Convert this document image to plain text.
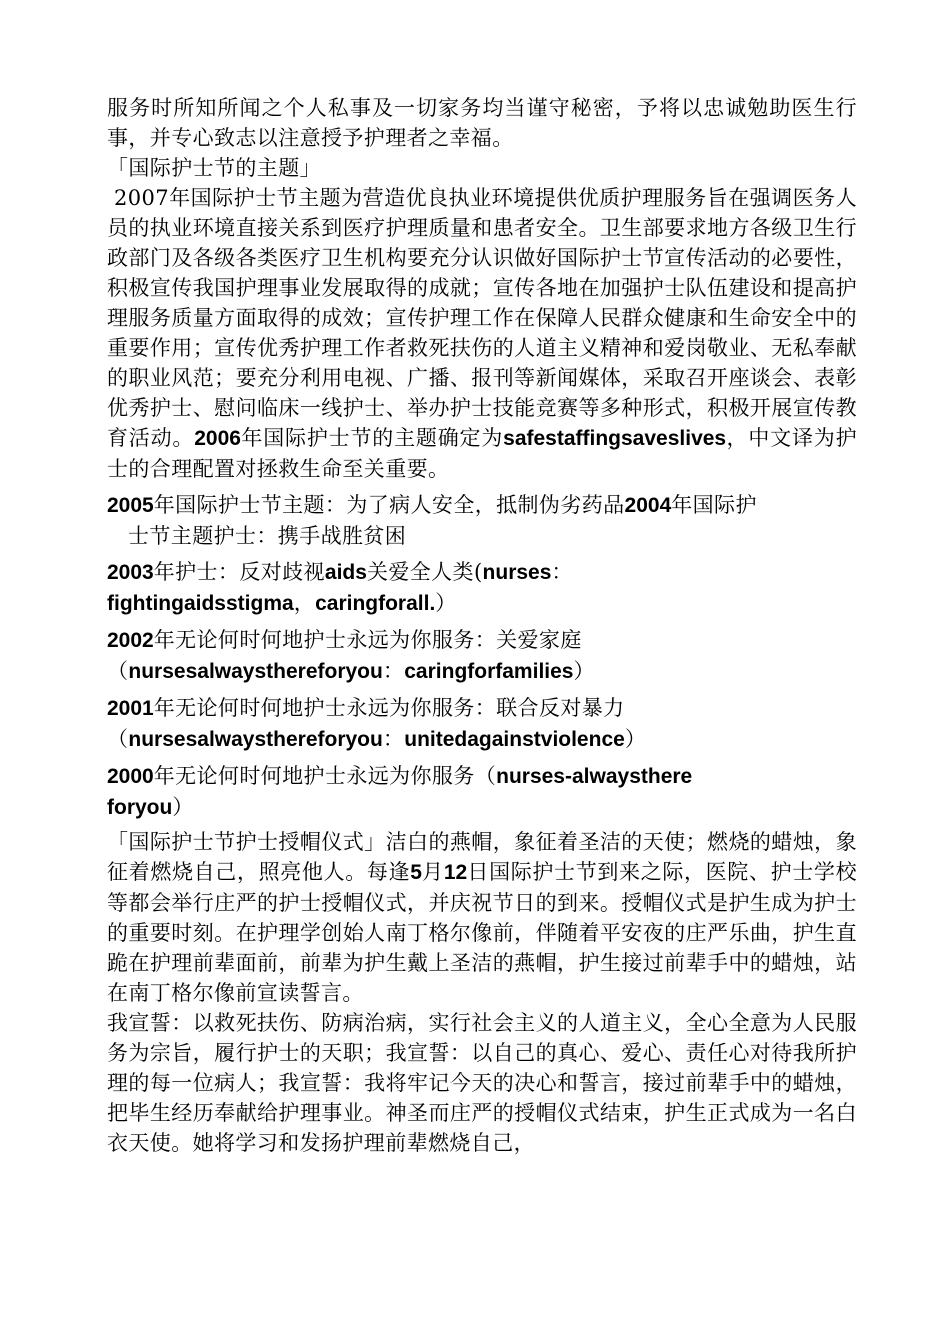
服务时所知所闻之个人私事及一切家务均当谨守秘密，予将以忠诚勉助医生行事，并专心致志以注意授予护理者之幸福。

「国际护士节的主题」

2007年国际护士节主题为营造优良执业环境提供优质护理服务旨在强调医务人员的执业环境直接关系到医疗护理质量和患者安全。卫生部要求地方各级卫生行政部门及各级各类医疗卫生机构要充分认识做好国际护士节宣传活动的必要性，积极宣传我国护理事业发展取得的成就；宣传各地在加强护士队伍建设和提高护理服务质量方面取得的成效；宣传护理工作在保障人民群众健康和生命安全中的重要作用；宣传优秀护理工作者救死扶伤的人道主义精神和爱岗敬业、无私奉献的职业风范；要充分利用电视、广播、报刊等新闻媒体，采取召开座谈会、表彰优秀护士、慰问临床一线护士、举办护士技能竞赛等多种形式，积极开展宣传教育活动。2006年国际护士节的主题确定为safestaffingsaveslives，中文译为护士的合理配置对拯救生命至关重要。

2005年国际护士节主题：为了病人安全，抵制伪劣药品2004年国际护
士节主题护士：携手战胜贫困

2003年护士：反对歧视aids关爱全人类(nurses：
fightingaidsstigma，caringforall.）

2002年无论何时何地护士永远为你服务：关爱家庭
（nursesalwaysthereforyou：caringforfamilies）

2001年无论何时何地护士永远为你服务：联合反对暴力
（nursesalwaysthereforyou：unitedagainstviolence）

2000年无论何时何地护士永远为你服务（nurses-alwaysthere
foryou）

「国际护士节护士授帽仪式」洁白的燕帽，象征着圣洁的天使；燃烧的蜡烛，象征着燃烧自己，照亮他人。每逢5月12日国际护士节到来之际，医院、护士学校等都会举行庄严的护士授帽仪式，并庆祝节日的到来。授帽仪式是护生成为护士的重要时刻。在护理学创始人南丁格尔像前，伴随着平安夜的庄严乐曲，护生直跪在护理前辈面前，前辈为护生戴上圣洁的燕帽，护生接过前辈手中的蜡烛，站在南丁格尔像前宣读誓言。

我宣誓：以救死扶伤、防病治病，实行社会主义的人道主义，全心全意为人民服务为宗旨，履行护士的天职；我宣誓：以自己的真心、爱心、责任心对待我所护理的每一位病人；我宣誓：我将牢记今天的决心和誓言，接过前辈手中的蜡烛，把毕生经历奉献给护理事业。神圣而庄严的授帽仪式结束，护生正式成为一名白衣天使。她将学习和发扬护理前辈燃烧自己，
